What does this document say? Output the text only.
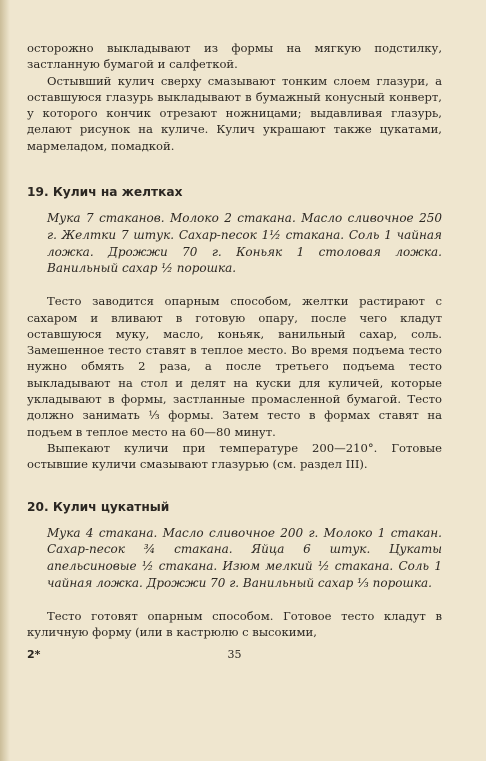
осторожно выкладывают из формы на мягкую подстилку, застланную бумагой и салфеткой.

Остывший кулич сверху смазывают тонким слоем глазури, а оставшуюся глазурь выкладывают в бумажный конусный конверт, у которого кончик отрезают ножницами; выдавливая глазурь, делают рисунок на куличе. Кулич украшают также цукатами, мармеладом, помадкой.

19. Кулич на желтках

Мука 7 стаканов. Молоко 2 стакана. Масло сливочное 250 г. Желтки 7 штук. Сахар-песок 1½ стакана. Соль 1 чайная ложка. Дрожжи 70 г. Коньяк 1 столовая ложка. Ванильный сахар ½ порошка.

Тесто заводится опарным способом, желтки растирают с сахаром и вливают в готовую опару, после чего кладут оставшуюся муку, масло, коньяк, ванильный сахар, соль. Замешенное тесто ставят в теплое место. Во время подъема тесто нужно обмять 2 раза, а после третьего подъема тесто выкладывают на стол и делят на куски для куличей, которые укладывают в формы, застланные промасленной бумагой. Тесто должно занимать ⅓ формы. Затем тесто в формах ставят на подъем в теплое место на 60—80 минут.

Выпекают куличи при температуре 200—210°. Готовые остывшие куличи смазывают глазурью (см. раздел III).

20. Кулич цукатный

Мука 4 стакана. Масло сливочное 200 г. Молоко 1 стакан. Сахар-песок ¾ стакана. Яйца 6 штук. Цукаты апельсиновые ½ стакана. Изюм мелкий ½ стакана. Соль 1 чайная ложка. Дрожжи 70 г. Ванильный сахар ⅓ порошка.

Тесто готовят опарным способом. Готовое тесто кладут в куличную форму (или в кастрюлю с высокими,

2*	35
